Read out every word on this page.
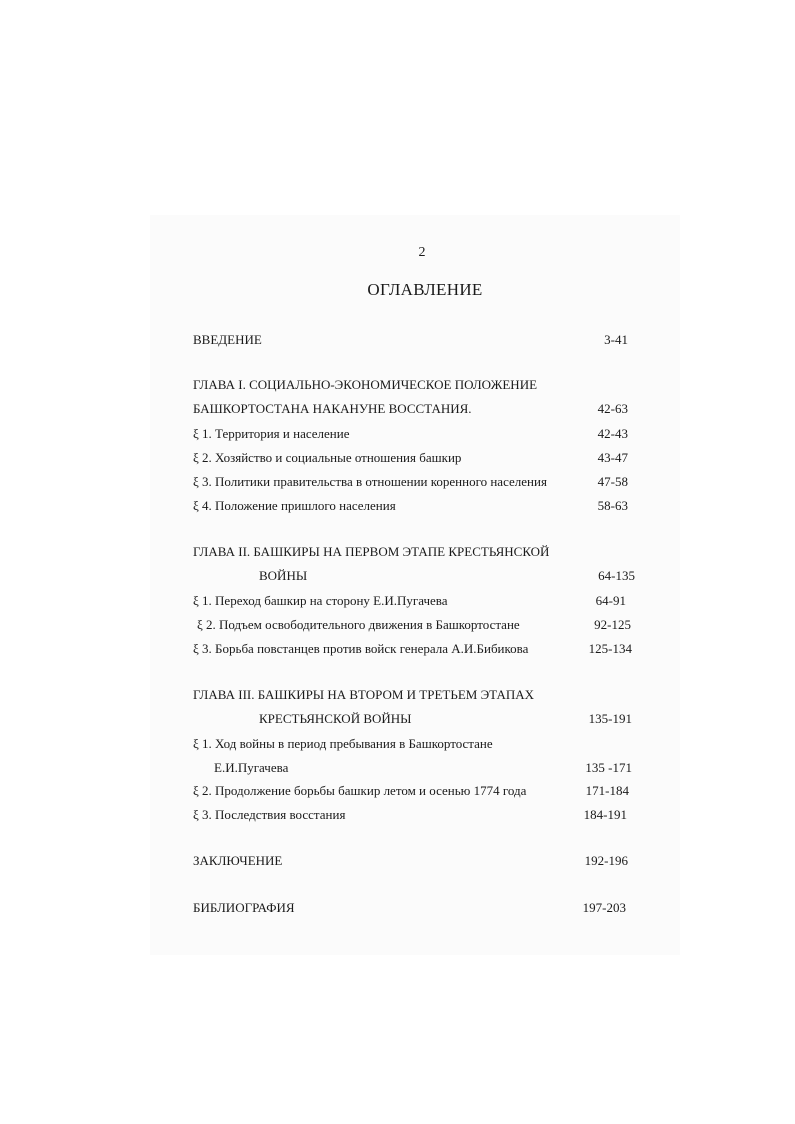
2
ОГЛАВЛЕНИЕ
ВВЕДЕНИЕ	3-41
ГЛАВА I. СОЦИАЛЬНО-ЭКОНОМИЧЕСКОЕ ПОЛОЖЕНИЕ
БАШКОРТОСТАНА НАКАНУНЕ ВОССТАНИЯ.	42-63
ξ 1. Территория и население	42-43
ξ 2. Хозяйство и социальные отношения башкир	43-47
ξ 3. Политики правительства в отношении коренного населения	47-58
ξ 4. Положение пришлого населения	58-63
ГЛАВА II. БАШКИРЫ НА ПЕРВОМ ЭТАПЕ КРЕСТЬЯНСКОЙ
ВОЙНЫ	64-135
ξ 1. Переход башкир на сторону Е.И.Пугачева	64-91
ξ 2. Подъем освободительного движения в Башкортостане	92-125
ξ 3. Борьба повстанцев против войск генерала А.И.Бибикова	125-134
ГЛАВА III. БАШКИРЫ НА ВТОРОМ И ТРЕТЬЕМ ЭТАПАХ
КРЕСТЬЯНСКОЙ ВОЙНЫ	135-191
ξ 1. Ход войны в период пребывания в Башкортостане
Е.И.Пугачева	135 -171
ξ 2. Продолжение борьбы башкир летом и осенью 1774 года	171-184
ξ 3. Последствия восстания	184-191
ЗАКЛЮЧЕНИЕ	192-196
БИБЛИОГРАФИЯ	197-203
